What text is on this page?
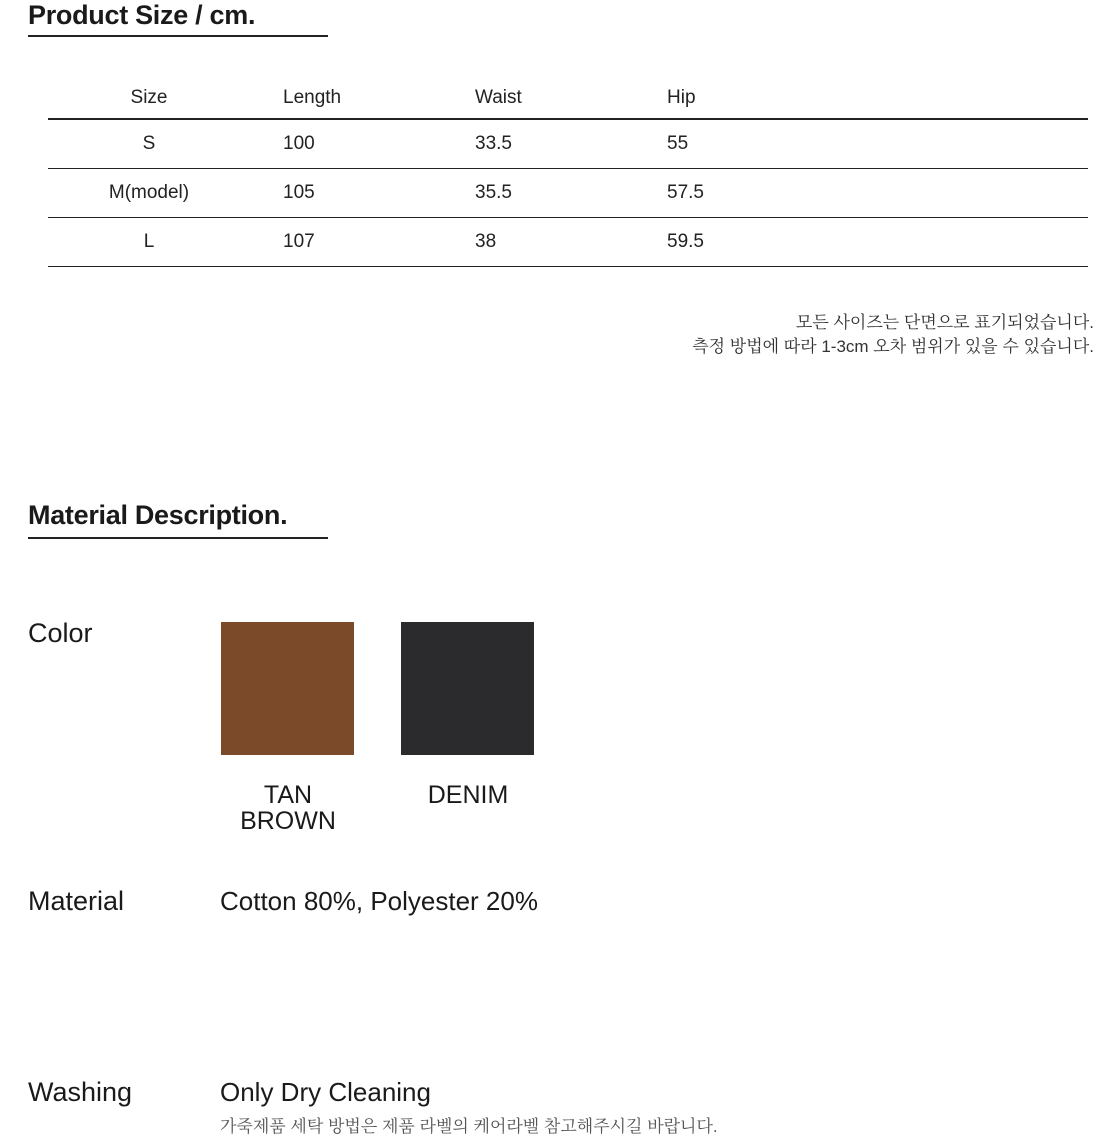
Product Size / cm.
Size	Length	Waist	Hip
S	100	33.5	55
M(model)	105	35.5	57.5
L	107	38	59.5
모든 사이즈는 단면으로 표기되었습니다.
측정 방법에 따라 1-3cm 오차 범위가 있을 수 있습니다.
Material Description.
Color
TAN
BROWN
DENIM
Material	Cotton 80%, Polyester 20%
Washing	Only Dry Cleaning
가죽제품 세탁 방법은 제품 라벨의 케어라벨 참고해주시길 바랍니다.
